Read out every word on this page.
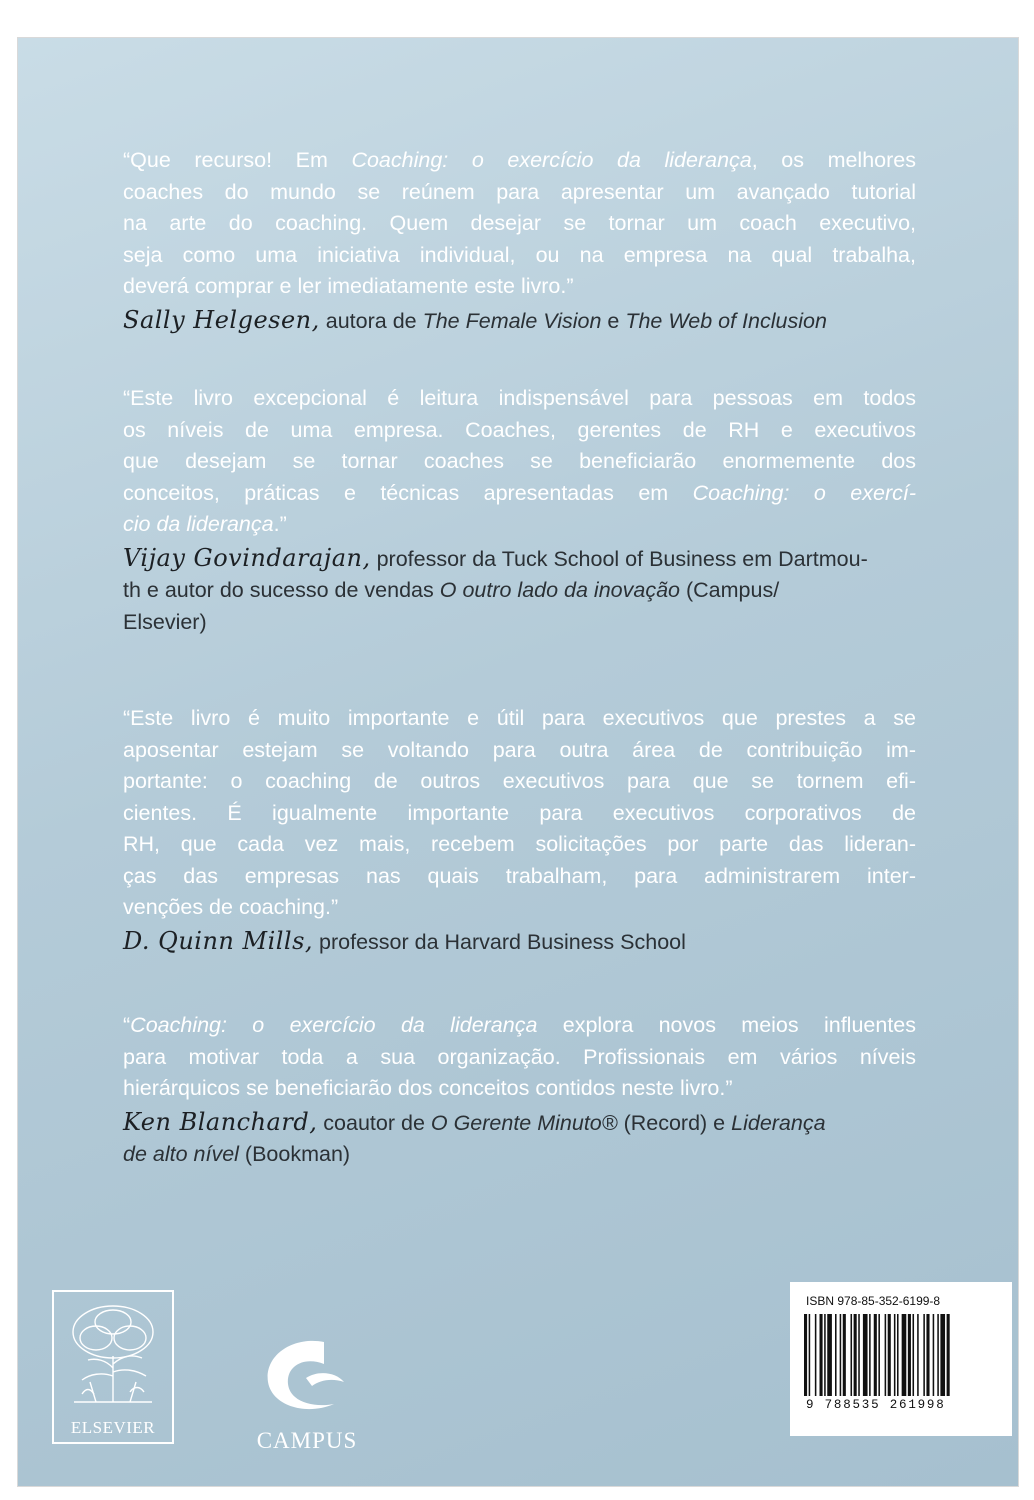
“Que recurso! Em Coaching: o exercício da liderança, os melhores
coaches do mundo se reúnem para apresentar um avançado tutorial
na arte do coaching. Quem desejar se tornar um coach executivo,
seja como uma iniciativa individual, ou na empresa na qual trabalha,
deverá comprar e ler imediatamente este livro.”

Sally Helgesen, autora de The Female Vision e The Web of Inclusion

“Este livro excepcional é leitura indispensável para pessoas em todos
os níveis de uma empresa. Coaches, gerentes de RH e executivos
que desejam se tornar coaches se beneficiarão enormemente dos
conceitos, práticas e técnicas apresentadas em Coaching: o exercí-
cio da liderança.”

Vijay Govindarajan, professor da Tuck School of Business em Dartmou-
th e autor do sucesso de vendas O outro lado da inovação (Campus/
Elsevier)

“Este livro é muito importante e útil para executivos que prestes a se
aposentar estejam se voltando para outra área de contribuição im-
portante: o coaching de outros executivos para que se tornem efi-
cientes. É igualmente importante para executivos corporativos de
RH, que cada vez mais, recebem solicitações por parte das lideran-
ças das empresas nas quais trabalham, para administrarem inter-
venções de coaching.”

D. Quinn Mills, professor da Harvard Business School

“Coaching: o exercício da liderança explora novos meios influentes
para motivar toda a sua organização. Profissionais em vários níveis
hierárquicos se beneficiarão dos conceitos contidos neste livro.”

Ken Blanchard, coautor de O Gerente Minuto® (Record) e Liderança
de alto nível (Bookman)
ELSEVIER
CAMPUS
ISBN 978-85-352-6199-8
9 788535 261998
